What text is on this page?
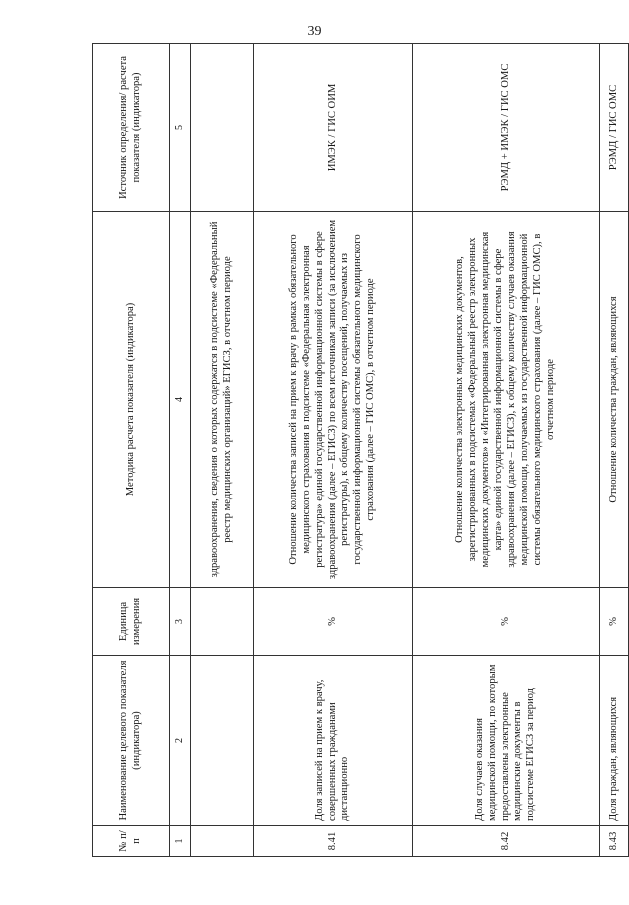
39
№ п/п	Наименование целевого показателя (индикатора)	Единица измерения	Методика расчета показателя (индикатора)	Источник определения/ расчета показателя (индикатора)
1	2	3	4	5
			здравоохранения, сведения о которых содержатся в подсистеме «Федеральный реестр медицинских организаций» ЕГИСЗ, в отчетном периоде	
8.41	Доля записей на прием к врачу, совершенных гражданами дистанционно	%	Отношение количества записей на прием к врачу в рамках обязательного медицинского страхования в подсистеме «Федеральная электронная регистратура» единой государственной информационной системы в сфере здравоохранения (далее – ЕГИСЗ) по всем источникам записи (за исключением регистратуры), к общему количеству посещений, получаемых из государственной информационной системы обязательного медицинского страхования (далее – ГИС ОМС), в отчетном периоде	ИМЭК / ГИС ОИМ
8.42	Доля случаев оказания медицинской помощи, по которым предоставлены электронные медицинские документы в подсистеме ЕГИСЗ за период	%	Отношение количества электронных медицинских документов, зарегистрированных в подсистемах «Федеральный реестр электронных медицинских документов» и «Интегрированная электронная медицинская карта» единой государственной информационной системы в сфере здравоохранения (далее – ЕГИСЗ), к общему количеству случаев оказания медицинской помощи, получаемых из государственной информационной системы обязательного медицинского страхования (далее – ГИС ОМС), в отчетном периоде	РЭМД + ИМЭК / ГИС ОМС
8.43	Доля граждан, являющихся	%	Отношение количества граждан, являющихся	РЭМД / ГИС ОМС
